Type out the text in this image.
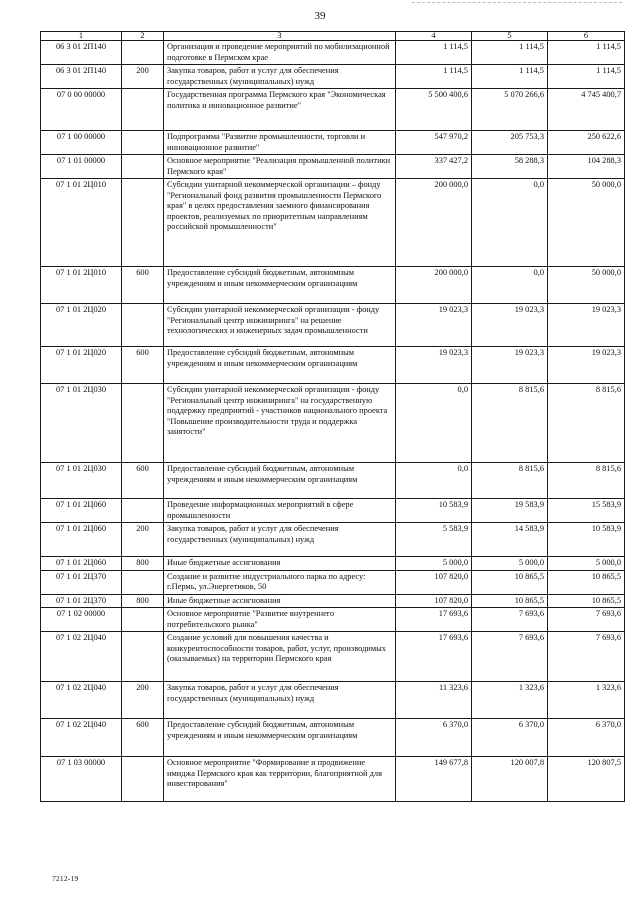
39
1	2	3	4	5	6
06 3 01 2П140		Организация и проведение мероприятий по мобилизационной подготовке в Пермском крае	1 114,5	1 114,5	1 114,5
06 3 01 2П140	200	Закупка товаров, работ и услуг для обеспечения государственных (муниципальных) нужд	1 114,5	1 114,5	1 114,5
07 0 00 00000		Государственная программа Пермского края "Экономическая политика и инновационное развитие"	5 500 400,6	5 070 266,6	4 745 400,7
07 1 00 00000		Подпрограмма "Развитие промышленности, торговли и инновационное развитие"	547 970,2	205 753,3	250 622,6
07 1 01 00000		Основное мероприятие "Реализация промышленной политики Пермского края"	337 427,2	58 288,3	104 288,3
07 1 01 2Ц010		Субсидии унитарной некоммерческой организации – фонду "Региональный фонд развития промышленности Пермского края" в целях предоставления заемного финансирования проектов, реализуемых по приоритетным направлениям российской промышленности"	200 000,0	0,0	50 000,0
07 1 01 2Ц010	600	Предоставление субсидий бюджетным, автономным учреждениям и иным некоммерческим организациям	200 000,0	0,0	50 000,0
07 1 01 2Ц020		Субсидии унитарной некоммерческой организации - фонду "Региональный центр инжиниринга" на решение технологических и инженерных задач промышленности	19 023,3	19 023,3	19 023,3
07 1 01 2Ц020	600	Предоставление субсидий бюджетным, автономным учреждениям и иным некоммерческим организациям	19 023,3	19 023,3	19 023,3
07 1 01 2Ц030		Субсидии унитарной некоммерческой организации - фонду "Региональный центр инжиниринга" на государственную поддержку предприятий - участников национального проекта "Повышение производительности труда и поддержка занятости"	0,0	8 815,6	8 815,6
07 1 01 2Ц030	600	Предоставление субсидий бюджетным, автономным учреждениям и иным некоммерческим организациям	0,0	8 815,6	8 815,6
07 1 01 2Ц060		Проведение информационных мероприятий в сфере промышленности	10 583,9	19 583,9	15 583,9
07 1 01 2Ц060	200	Закупка товаров, работ и услуг для обеспечения государственных (муниципальных) нужд	5 583,9	14 583,9	10 583,9
07 1 01 2Ц060	800	Иные бюджетные ассигнования	5 000,0	5 000,0	5 000,0
07 1 01 2Ц370		Создание и развитие индустриального парка по адресу: г.Пермь, ул.Энергетиков, 50	107 820,0	10 865,5	10 865,5
07 1 01 2Ц370	800	Иные бюджетные ассигнования	107 820,0	10 865,5	10 865,5
07 1 02 00000		Основное мероприятие "Развитие внутреннего потребительского рынка"	17 693,6	7 693,6	7 693,6
07 1 02 2Ц040		Создание условий для повышения качества и конкурентоспособности товаров, работ, услуг, производимых (оказываемых) на территории Пермского края	17 693,6	7 693,6	7 693,6
07 1 02 2Ц040	200	Закупка товаров, работ и услуг для обеспечения государственных (муниципальных) нужд	11 323,6	1 323,6	1 323,6
07 1 02 2Ц040	600	Предоставление субсидий бюджетным, автономным учреждениям и иным некоммерческим организациям	6 370,0	6 370,0	6 370,0
07 1 03 00000		Основное мероприятие "Формирование и продвижение имиджа Пермского края как территории, благоприятной для инвестирования"	149 677,8	120 007,8	120 807,5
7212-19
